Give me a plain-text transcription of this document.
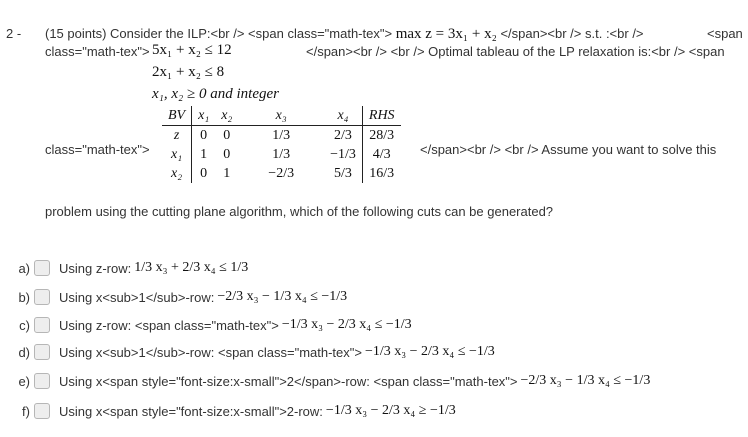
2 - (15 points) Consider the ILP:<br /> <span class="math-tex"> max z = 3x₁ + x₂ </span><br /> s.t. :<br />	<span
class="math-tex"> 5x₁ + x₂ ≤ 12	</span><br /> <br /> Optimal tableau of the LP relaxation is:<br /> <span
2x₁ + x₂ ≤ 8
x₁, x₂ ≥ 0 and integer
BV	x₁	x₂	x₃	x₄	RHS
z	0	0	1/3	2/3	28/3
x₁	1	0	1/3	−1/3	4/3
x₂	0	1	−2/3	5/3	16/3
class="math-tex">	</span><br /> <br /> Assume you want to solve this
problem using the cutting plane algorithm, which of the following cuts can be generated?
a)	Using z-row: 1/3 x₃ + 2/3 x₄ ≤ 1/3
b)	Using x<sub>1</sub>-row: −2/3 x₃ − 1/3 x₄ ≤ −1/3
c)	Using z-row: <span class="math-tex"> −1/3 x₃ − 2/3 x₄ ≤ −1/3
d)	Using x<sub>1</sub>-row: <span class="math-tex"> −1/3 x₃ − 2/3 x₄ ≤ −1/3
e)	Using x<span style="font-size:x-small">2</span>-row: <span class="math-tex"> −2/3 x₃ − 1/3 x₄ ≤ −1/3
f)	Using x<span style="font-size:x-small">2-row: −1/3 x₃ − 2/3 x₄ ≥ −1/3
